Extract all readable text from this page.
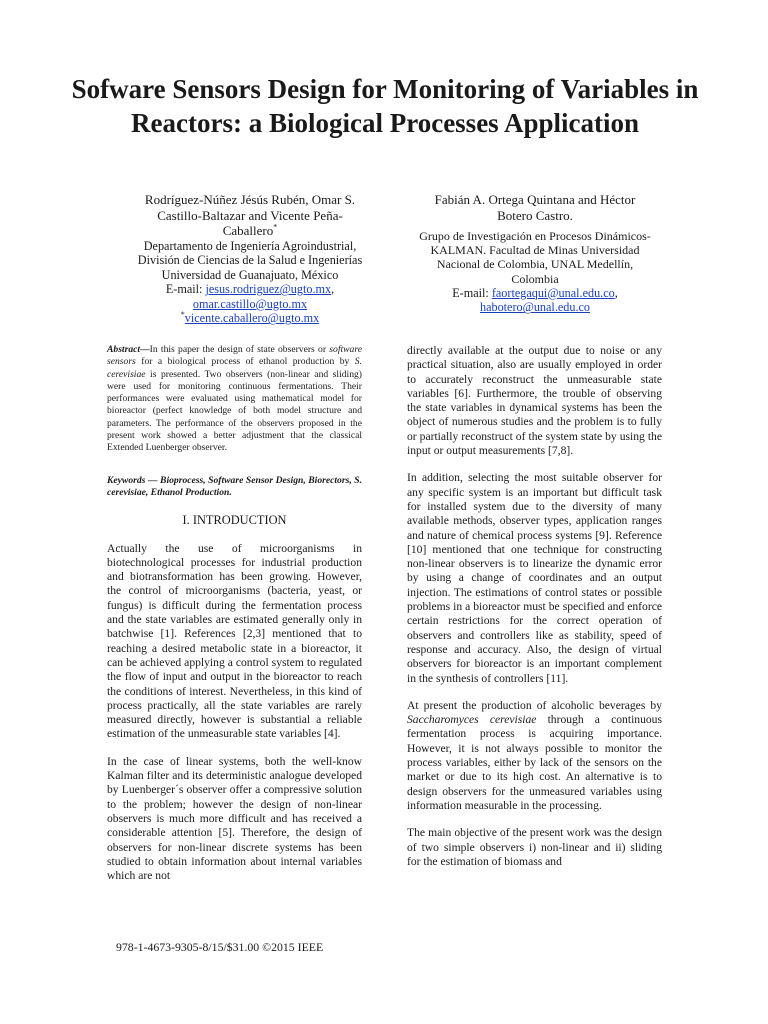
Sofware Sensors Design for Monitoring of Variables in Reactors: a Biological Processes Application
Rodríguez-Núñez Jésús Rubén, Omar S.
Castillo-Baltazar and Vicente Peña-
Caballero*
Departamento de Ingeniería Agroindustrial,
División de Ciencias de la Salud e Ingenierías
Universidad de Guanajuato, México
E-mail: jesus.rodriguez@ugto.mx,
omar.castillo@ugto.mx
*vicente.caballero@ugto.mx
Fabián A. Ortega Quintana and Héctor
Botero Castro.
Grupo de Investigación en Procesos Dinámicos-
KALMAN. Facultad de Minas Universidad
Nacional de Colombia, UNAL Medellín,
Colombia
E-mail: faortegaqui@unal.edu.co,
habotero@unal.edu.co

Abstract—In this paper the design of state observers or software sensors for a biological process of ethanol production by S. cerevisiae is presented. Two observers (non-linear and sliding) were used for monitoring continuous fermentations. Their performances were evaluated using mathematical model for bioreactor (perfect knowledge of both model structure and parameters. The performance of the observers proposed in the present work showed a better adjustment that the classical Extended Luenberger observer.

Keywords — Bioprocess, Software Sensor Design, Biorectors, S. cerevisiae, Ethanol Production.

I. INTRODUCTION

Actually the use of microorganisms in biotechnological processes for industrial production and biotransformation has been growing. However, the control of microorganisms (bacteria, yeast, or fungus) is difficult during the fermentation process and the state variables are estimated generally only in batchwise [1]. References [2,3] mentioned that to reaching a desired metabolic state in a bioreactor, it can be achieved applying a control system to regulated the flow of input and output in the bioreactor to reach the conditions of interest. Nevertheless, in this kind of process practically, all the state variables are rarely measured directly, however is substantial a reliable estimation of the unmeasurable state variables [4].

In the case of linear systems, both the well-know Kalman filter and its deterministic analogue developed by Luenberger´s observer offer a compressive solution to the problem; however the design of non-linear observers is much more difficult and has received a considerable attention [5]. Therefore, the design of observers for non-linear discrete systems has been studied to obtain information about internal variables which are not

directly available at the output due to noise or any practical situation, also are usually employed in order to accurately reconstruct the unmeasurable state variables [6]. Furthermore, the trouble of observing the state variables in dynamical systems has been the object of numerous studies and the problem is to fully or partially reconstruct of the system state by using the input or output measurements [7,8].

In addition, selecting the most suitable observer for any specific system is an important but difficult task for installed system due to the diversity of many available methods, observer types, application ranges and nature of chemical process systems [9]. Reference [10] mentioned that one technique for constructing non-linear observers is to linearize the dynamic error by using a change of coordinates and an output injection. The estimations of control states or possible problems in a bioreactor must be specified and enforce certain restrictions for the correct operation of observers and controllers like as stability, speed of response and accuracy. Also, the design of virtual observers for bioreactor is an important complement in the synthesis of controllers [11].

At present the production of alcoholic beverages by Saccharomyces cerevisiae through a continuous fermentation process is acquiring importance. However, it is not always possible to monitor the process variables, either by lack of the sensors on the market or due to its high cost. An alternative is to design observers for the unmeasured variables using information measurable in the processing.

The main objective of the present work was the design of two simple observers i) non-linear and ii) sliding for the estimation of biomass and

978-1-4673-9305-8/15/$31.00 ©2015 IEEE
